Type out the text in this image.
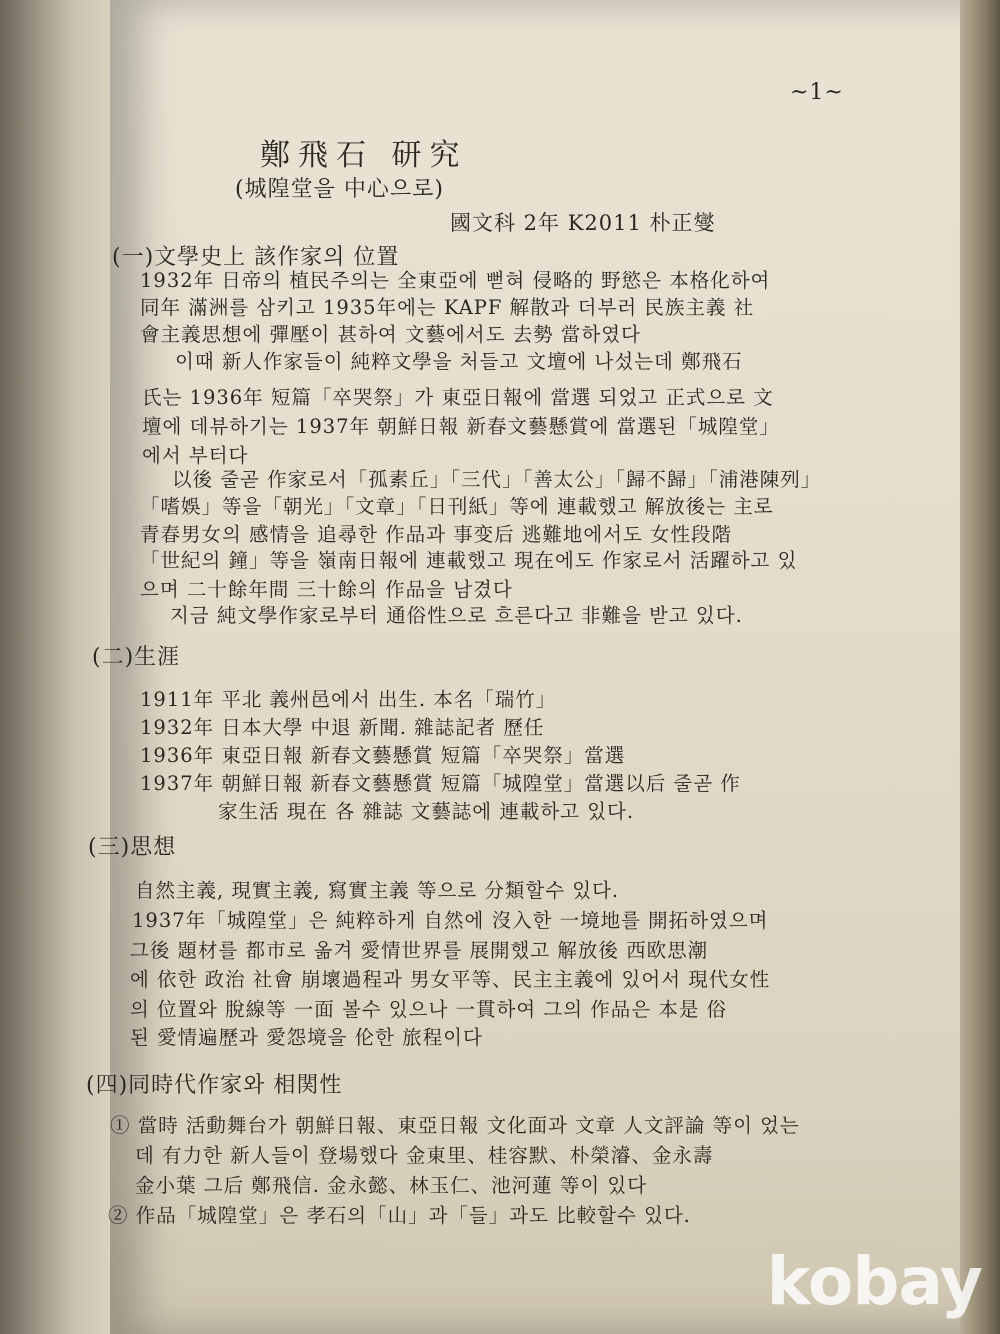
~1~
鄭飛石 研究
(城隍堂을 中心으로)
國文科 2年 K2011 朴正燮
(一)文學史上 該作家의 位置
1932年 日帝의 植民주의는 全東亞에 뻗혀 侵略的 野慾은 本格化하여
同年 滿洲를 삼키고 1935年에는 KAPF 解散과 더부러 民族主義 社
會主義思想에 彈壓이 甚하여 文藝에서도 去勢 當하였다
이때 新人作家들이 純粹文學을 처들고 文壇에 나섰는데 鄭飛石
氏는 1936年 短篇「卒哭祭」가 東亞日報에 當選 되었고 正式으로 文
壇에 데뷰하기는 1937年 朝鮮日報 新春文藝懸賞에 當選된「城隍堂」
에서 부터다
以後 줄곧 作家로서「孤素丘」「三代」「善太公」「歸不歸」「浦港陳列」
「嗜娛」等을「朝光」「文章」「日刊紙」等에 連載했고 解放後는 主로
青春男女의 感情을 追尋한 作品과 事变后 逃難地에서도 女性段階
「世紀의 鐘」等을 嶺南日報에 連載했고 現在에도 作家로서 活躍하고 있
으며 二十餘年間 三十餘의 作品을 남겼다
지금 純文學作家로부터 通俗性으로 흐른다고 非難을 받고 있다.
(二)生涯
1911年 平北 義州邑에서 出生. 本名「瑞竹」
1932年 日本大學 中退 新聞. 雜誌記者 歷任
1936年 東亞日報 新春文藝懸賞 短篇「卒哭祭」當選
1937年 朝鮮日報 新春文藝懸賞 短篇「城隍堂」當選以后 줄곧 作
家生活 現在 各 雜誌 文藝誌에 連載하고 있다.
(三)思想
自然主義, 現實主義, 寫實主義 等으로 分類할수 있다.
1937年「城隍堂」은 純粹하게 自然에 沒入한 一境地를 開拓하였으며
그後 題材를 都市로 옮겨 愛情世界를 展開했고 解放後 西欧思潮
에 依한 政治 社會 崩壞過程과 男女平等、民主主義에 있어서 現代女性
의 位置와 脫線等 一面 볼수 있으나 一貫하여 그의 作品은 本是 俗
된 愛情遍歷과 愛怨境을 伦한 旅程이다
(四)同時代作家와 相関性
① 當時 活動舞台가 朝鮮日報、東亞日報 文化面과 文章 人文評論 等이 었는
데 有力한 新人들이 登場했다 金東里、桂容默、朴榮濬、金永壽
金小葉 그后 鄭飛信. 金永懿、林玉仁、池河蓮 等이 있다
② 作品「城隍堂」은 孝石의「山」과「들」과도 比較할수 있다.
kobay
